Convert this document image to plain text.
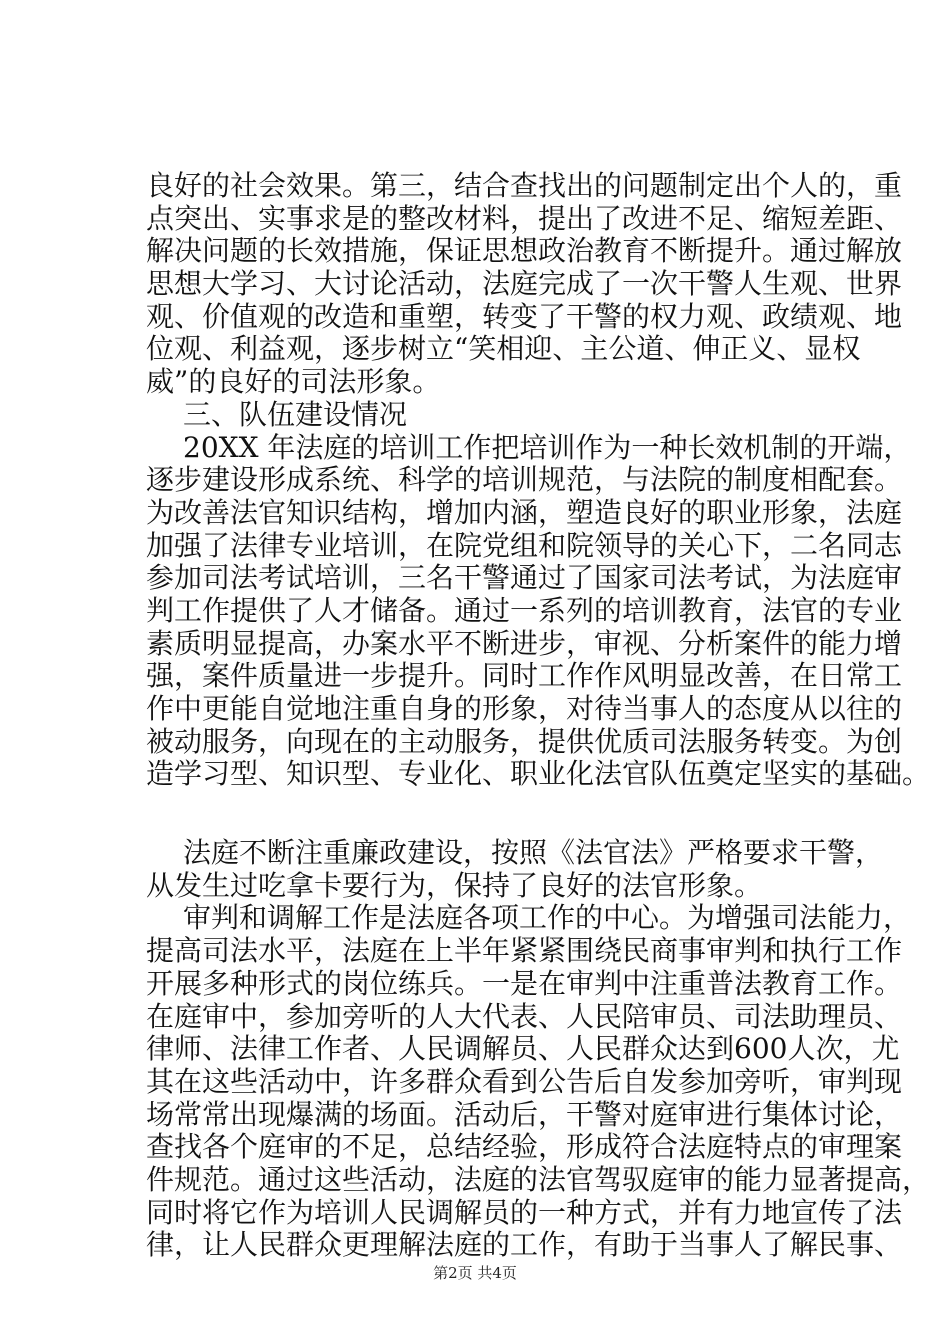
良好的社会效果。第三，结合查找出的问题制定出个人的，重
点突出、实事求是的整改材料，提出了改进不足、缩短差距、
解决问题的长效措施，保证思想政治教育不断提升。通过解放
思想大学习、大讨论活动，法庭完成了一次干警人生观、世界
观、价值观的改造和重塑，转变了干警的权力观、政绩观、地
位观、利益观，逐步树立“笑相迎、主公道、伸正义、显权
威”的良好的司法形象。
三、队伍建设情况
20XX 年法庭的培训工作把培训作为一种长效机制的开端，
逐步建设形成系统、科学的培训规范，与法院的制度相配套。
为改善法官知识结构，增加内涵，塑造良好的职业形象，法庭
加强了法律专业培训，在院党组和院领导的关心下，二名同志
参加司法考试培训，三名干警通过了国家司法考试，为法庭审
判工作提供了人才储备。通过一系列的培训教育，法官的专业
素质明显提高，办案水平不断进步，审视、分析案件的能力增
强，案件质量进一步提升。同时工作作风明显改善，在日常工
作中更能自觉地注重自身的形象，对待当事人的态度从以往的
被动服务，向现在的主动服务，提供优质司法服务转变。为创
造学习型、知识型、专业化、职业化法官队伍奠定坚实的基础。
法庭不断注重廉政建设，按照《法官法》严格要求干警，
从发生过吃拿卡要行为，保持了良好的法官形象。
审判和调解工作是法庭各项工作的中心。为增强司法能力，
提高司法水平，法庭在上半年紧紧围绕民商事审判和执行工作
开展多种形式的岗位练兵。一是在审判中注重普法教育工作。
在庭审中，参加旁听的人大代表、人民陪审员、司法助理员、
律师、法律工作者、人民调解员、人民群众达到600人次，尤
其在这些活动中，许多群众看到公告后自发参加旁听，审判现
场常常出现爆满的场面。活动后，干警对庭审进行集体讨论，
查找各个庭审的不足，总结经验，形成符合法庭特点的审理案
件规范。通过这些活动，法庭的法官驾驭庭审的能力显著提高，
同时将它作为培训人民调解员的一种方式，并有力地宣传了法
律，让人民群众更理解法庭的工作，有助于当事人了解民事、
第2页 共4页
